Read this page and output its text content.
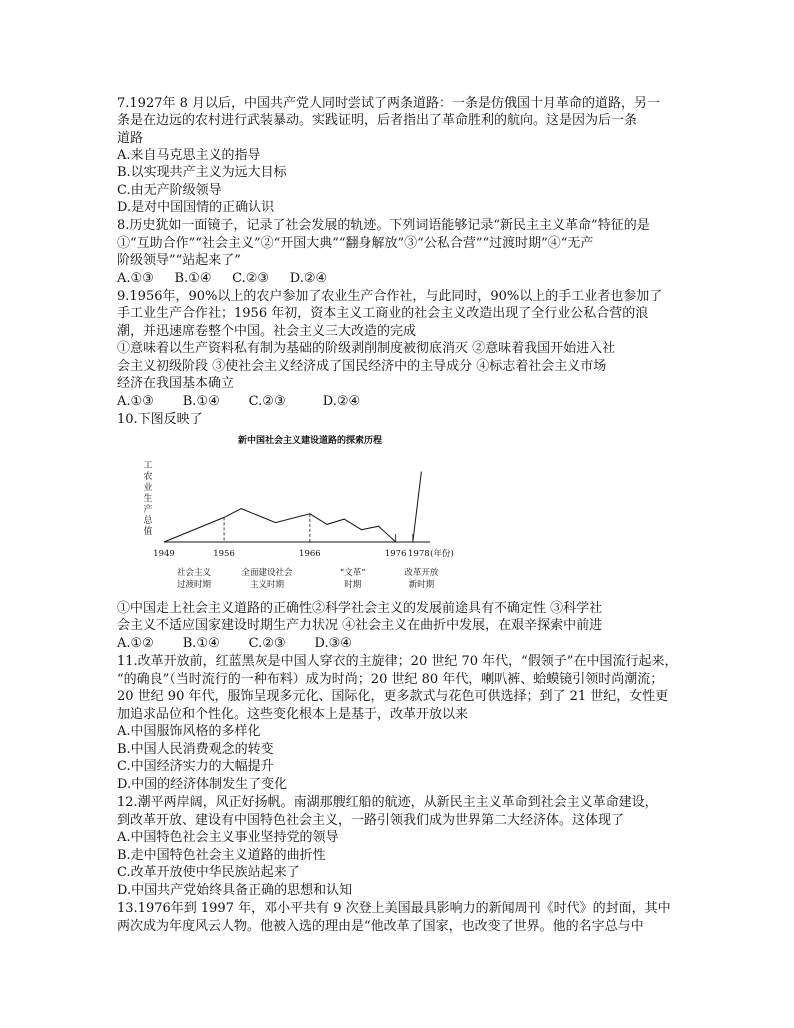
7.1927年 8 月以后，中国共产党人同时尝试了两条道路：一条是仿俄国十月革命的道路，另一
条是在边远的农村进行武装暴动。实践证明，后者指出了革命胜利的航向。这是因为后一条
道路
A.来自马克思主义的指导
B.以实现共产主义为远大目标
C.由无产阶级领导
D.是对中国国情的正确认识
8.历史犹如一面镜子，记录了社会发展的轨迹。下列词语能够记录“新民主主义革命”特征的是
①“互助合作”“社会主义”②“开国大典”“翻身解放”③“公私合营”“过渡时期”④“无产
阶级领导”“站起来了”
A.①③     B.①④     C.②③     D.②④
9.1956年，90%以上的农户参加了农业生产合作社，与此同时，90%以上的手工业者也参加了
手工业生产合作社；1956 年初，资本主义工商业的社会主义改造出现了全行业公私合营的浪
潮，并迅速席卷整个中国。社会主义三大改造的完成
①意味着以生产资料私有制为基础的阶级剥削制度被彻底消灭 ②意味着我国开始进入社
会主义初级阶段 ③使社会主义经济成了国民经济中的主导成分 ④标志着社会主义市场
经济在我国基本确立
A.①③       B.①④       C.②③         D.②④
10.下图反映了
新中国社会主义建设道路的探索历程
工
农
业
生
产
总
值
1949	1956	1966	1976 1978 (年份)
社会主义
过渡时期
全面建设社会
主义时期
“文革”
时期
改革开放
新时期
①中国走上社会主义道路的正确性②科学社会主义的发展前途具有不确定性 ③科学社
会主义不适应国家建设时期生产力状况 ④社会主义在曲折中发展，在艰辛探索中前进
A.①②       B.①④       C.②③       D.③④
11.改革开放前，红蓝黑灰是中国人穿衣的主旋律；20 世纪 70 年代，“假领子”在中国流行起来，
“的确良”（当时流行的一种布料）成为时尚；20 世纪 80 年代，喇叭裤、蛤蟆镜引领时尚潮流；
20 世纪 90 年代，服饰呈现多元化、国际化，更多款式与花色可供选择；到了 21 世纪，女性更
加追求品位和个性化。这些变化根本上是基于，改革开放以来
A.中国服饰风格的多样化
B.中国人民消费观念的转变
C.中国经济实力的大幅提升
D.中国的经济体制发生了变化
12.潮平两岸阔，风正好扬帆。南湖那艘红船的航迹，从新民主主义革命到社会主义革命建设，
到改革开放、建设有中国特色社会主义，一路引领我们成为世界第二大经济体。这体现了
A.中国特色社会主义事业坚持党的领导
B.走中国特色社会主义道路的曲折性
C.改革开放使中华民族站起来了
D.中国共产党始终具备正确的思想和认知
13.1976年到 1997 年，邓小平共有 9 次登上美国最具影响力的新闻周刊《时代》的封面，其中
两次成为年度风云人物。他被入选的理由是“他改革了国家，也改变了世界。他的名字总与中
